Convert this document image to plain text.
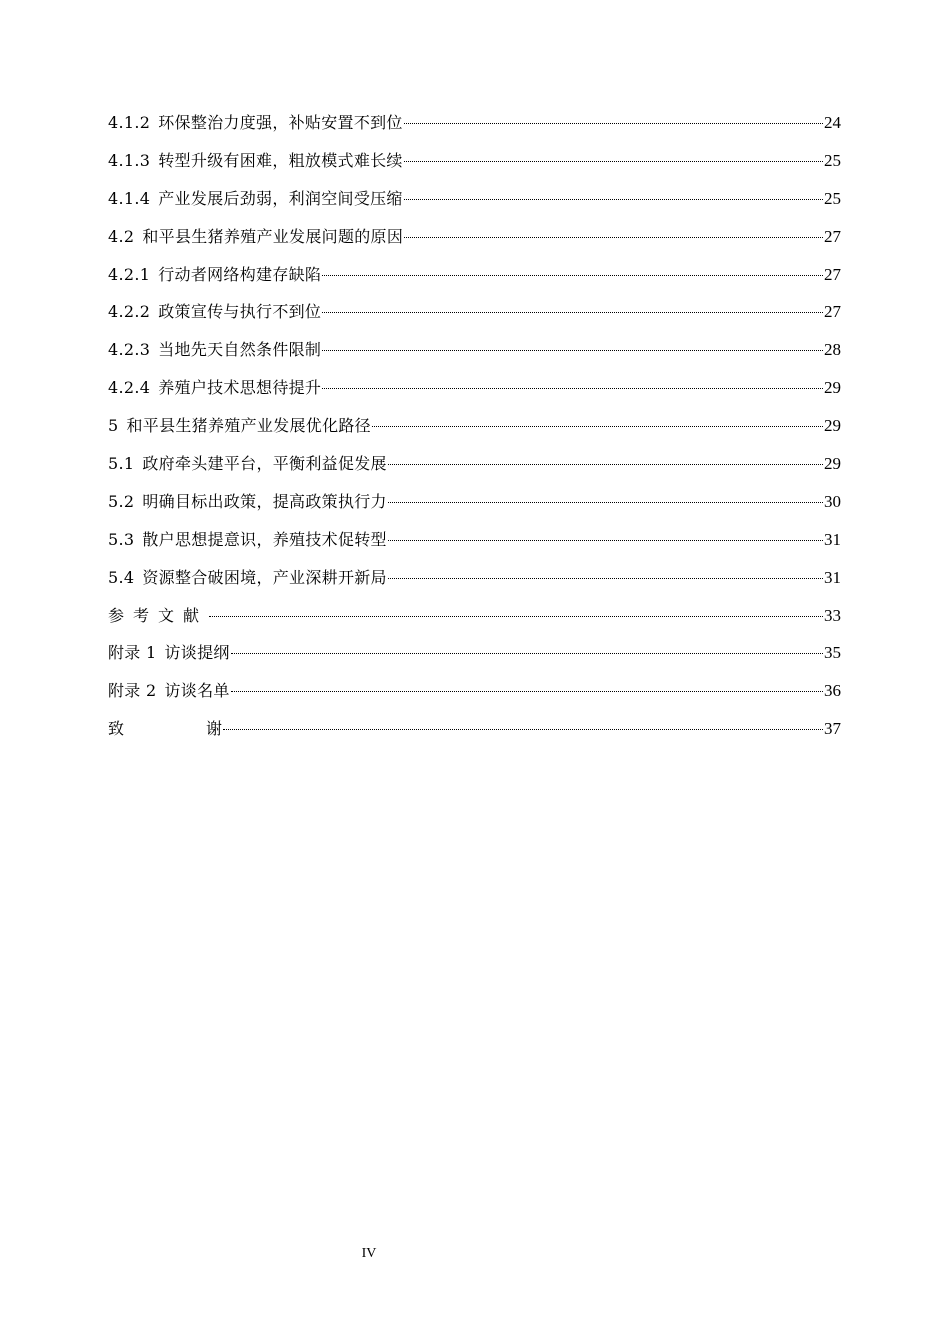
4.1.2 环保整治力度强，补贴安置不到位	24
4.1.3 转型升级有困难，粗放模式难长续	25
4.1.4 产业发展后劲弱，利润空间受压缩	25
4.2 和平县生猪养殖产业发展问题的原因	27
4.2.1 行动者网络构建存缺陷	27
4.2.2 政策宣传与执行不到位	27
4.2.3 当地先天自然条件限制	28
4.2.4 养殖户技术思想待提升	29
5 和平县生猪养殖产业发展优化路径	29
5.1 政府牵头建平台，平衡利益促发展	29
5.2 明确目标出政策，提高政策执行力	30
5.3 散户思想提意识，养殖技术促转型	31
5.4 资源整合破困境，产业深耕开新局	31
参考文献	33
附录 1 访谈提纲	35
附录 2 访谈名单	36
致	谢	37
IV
